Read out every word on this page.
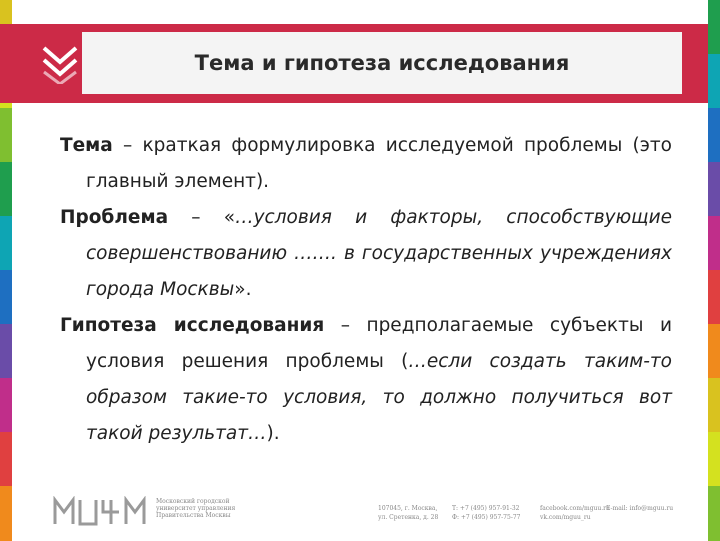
Тема и гипотеза исследования

Тема – краткая формулировка исследуемой проблемы (это главный элемент).

Проблема – «…условия и факторы, способствующие совершенствованию ……. в государственных учреждениях города Москвы».

Гипотеза исследования – предполагаемые субъекты и условия решения проблемы (…если создать таким-то образом такие-то условия, то должно получиться вот такой результат…).

Московский городской
университет управления
Правительства Москвы
107045, г. Москва,
ул. Сретенка, д. 28
Т: +7 (495) 957-91-32
Ф: +7 (495) 957-75-77
facebook.com/mguu.ru
vk.com/mguu_ru
E-mail: info@mguu.ru
